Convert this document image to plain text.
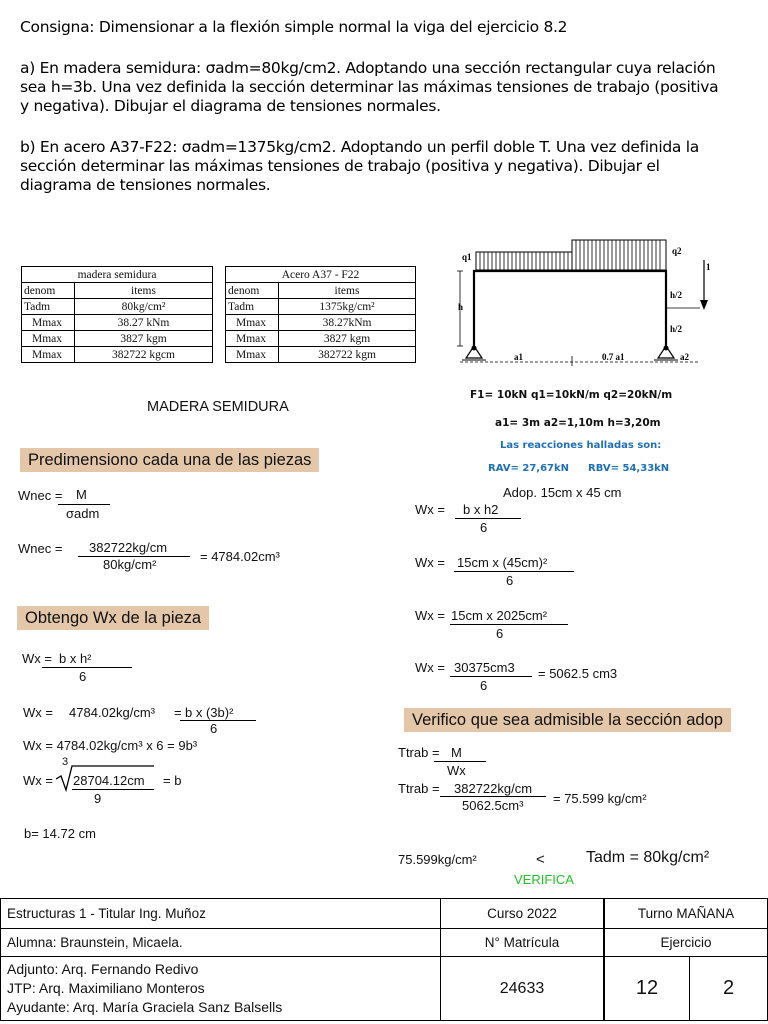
Consigna: Dimensionar a la flexión simple normal la viga del ejercicio 8.2
a) En madera semidura: σadm=80kg/cm2. Adoptando una sección rectangular cuya relación
sea h=3b. Una vez definida la sección determinar las máximas tensiones de trabajo (positiva
y negativa). Dibujar el diagrama de tensiones normales.
b) En acero A37-F22: σadm=1375kg/cm2. Adoptando un perfil doble T. Una vez definida la
sección determinar las máximas tensiones de trabajo (positiva y negativa). Dibujar el
diagrama de tensiones normales.
madera semidura	
denom	items
Tadm	80kg/cm²
Mmax	38.27 kNm
Mmax	3827 kgm
Mmax	382722 kgcm
Acero A37 - F22	
denom	items
Tadm	1375kg/cm²
Mmax	38.27kNm
Mmax	3827 kgm
Mmax	382722 kgm
q1
q2
1
h
h/2
h/2
a1	0.7 a1	a2
F1= 10kN q1=10kN/m q2=20kN/m
a1= 3m a2=1,10m h=3,20m
Las reacciones halladas son:
RAV= 27,67kN RBV= 54,33kN
MADERA SEMIDURA
Predimensiono cada una de las piezas
Wnec = M
σadm
Wnec = 382722kg/cm
80kg/cm²
= 4784.02cm³
Obtengo Wx de la pieza
Wx = b x h²
6
Wx = 4784.02kg/cm³ = b x (3b)²
6
Wx = 4784.02kg/cm³ x 6 = 9b³
3
Wx = 28704.12cm
9
= b
b= 14.72 cm
Adop. 15cm x 45 cm
Wx = b x h2
6
Wx = 15cm x (45cm)²
6
Wx = 15cm x 2025cm²
6
Wx = 30375cm3
6
= 5062.5 cm3
Verifico que sea admisible la sección adop
Ttrab = M
Wx
Ttrab = 382722kg/cm
5062.5cm³ = 75.599 kg/cm²
75.599kg/cm²	<	Tadm = 80kg/cm²
VERIFICA
Estructuras 1 - Titular Ing. Muñoz	Curso 2022	Turno MAÑANA	
Alumna: Braunstein, Micaela.	N° Matrícula	Ejercicio	

Adjunto: Arq. Fernando Redivo
JTP: Arq. Maximiliano Monteros
Ayudante: Arq. María Graciela Sanz Balsells	24633	12	2
